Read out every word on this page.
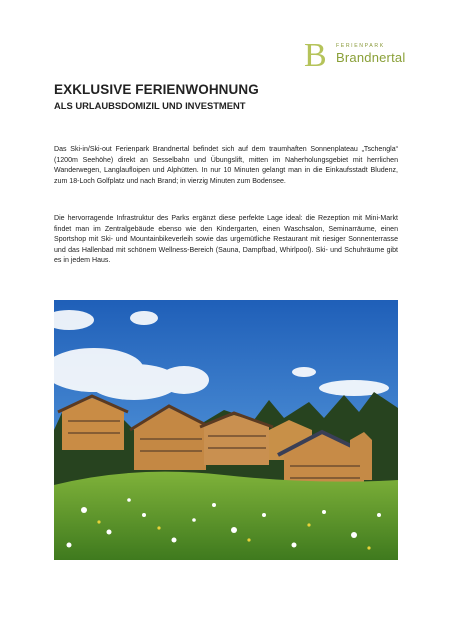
B FERIENPARK
Brandnertal
EXKLUSIVE FERIENWOHNUNG
ALS URLAUBSDOMIZIL UND INVESTMENT

Das Ski-in/Ski-out Ferienpark Brandnertal befindet sich auf dem traumhaften Sonnenplateau „Tschengla“ (1200m Seehöhe) direkt an Sesselbahn und Übungslift, mitten im Naherholungsgebiet mit herrlichen Wanderwegen, Langlaufloipen und Alphütten. In nur 10 Minuten gelangt man in die Einkaufsstadt Bludenz, zum 18-Loch Golfplatz und nach Brand; in vierzig Minuten zum Bodensee.

Die hervorragende Infrastruktur des Parks ergänzt diese perfekte Lage ideal: die Rezeption mit Mini-Markt findet man im Zentralgebäude ebenso wie den Kindergarten, einen Waschsalon, Seminarräume, einen Sportshop mit Ski- und Mountainbikeverleih sowie das urgemütliche Restaurant mit riesiger Sonnenterrasse und das Hallenbad mit schönem Wellness-Bereich (Sauna, Dampfbad, Whirlpool). Ski- und Schuhräume gibt es in jedem Haus.
